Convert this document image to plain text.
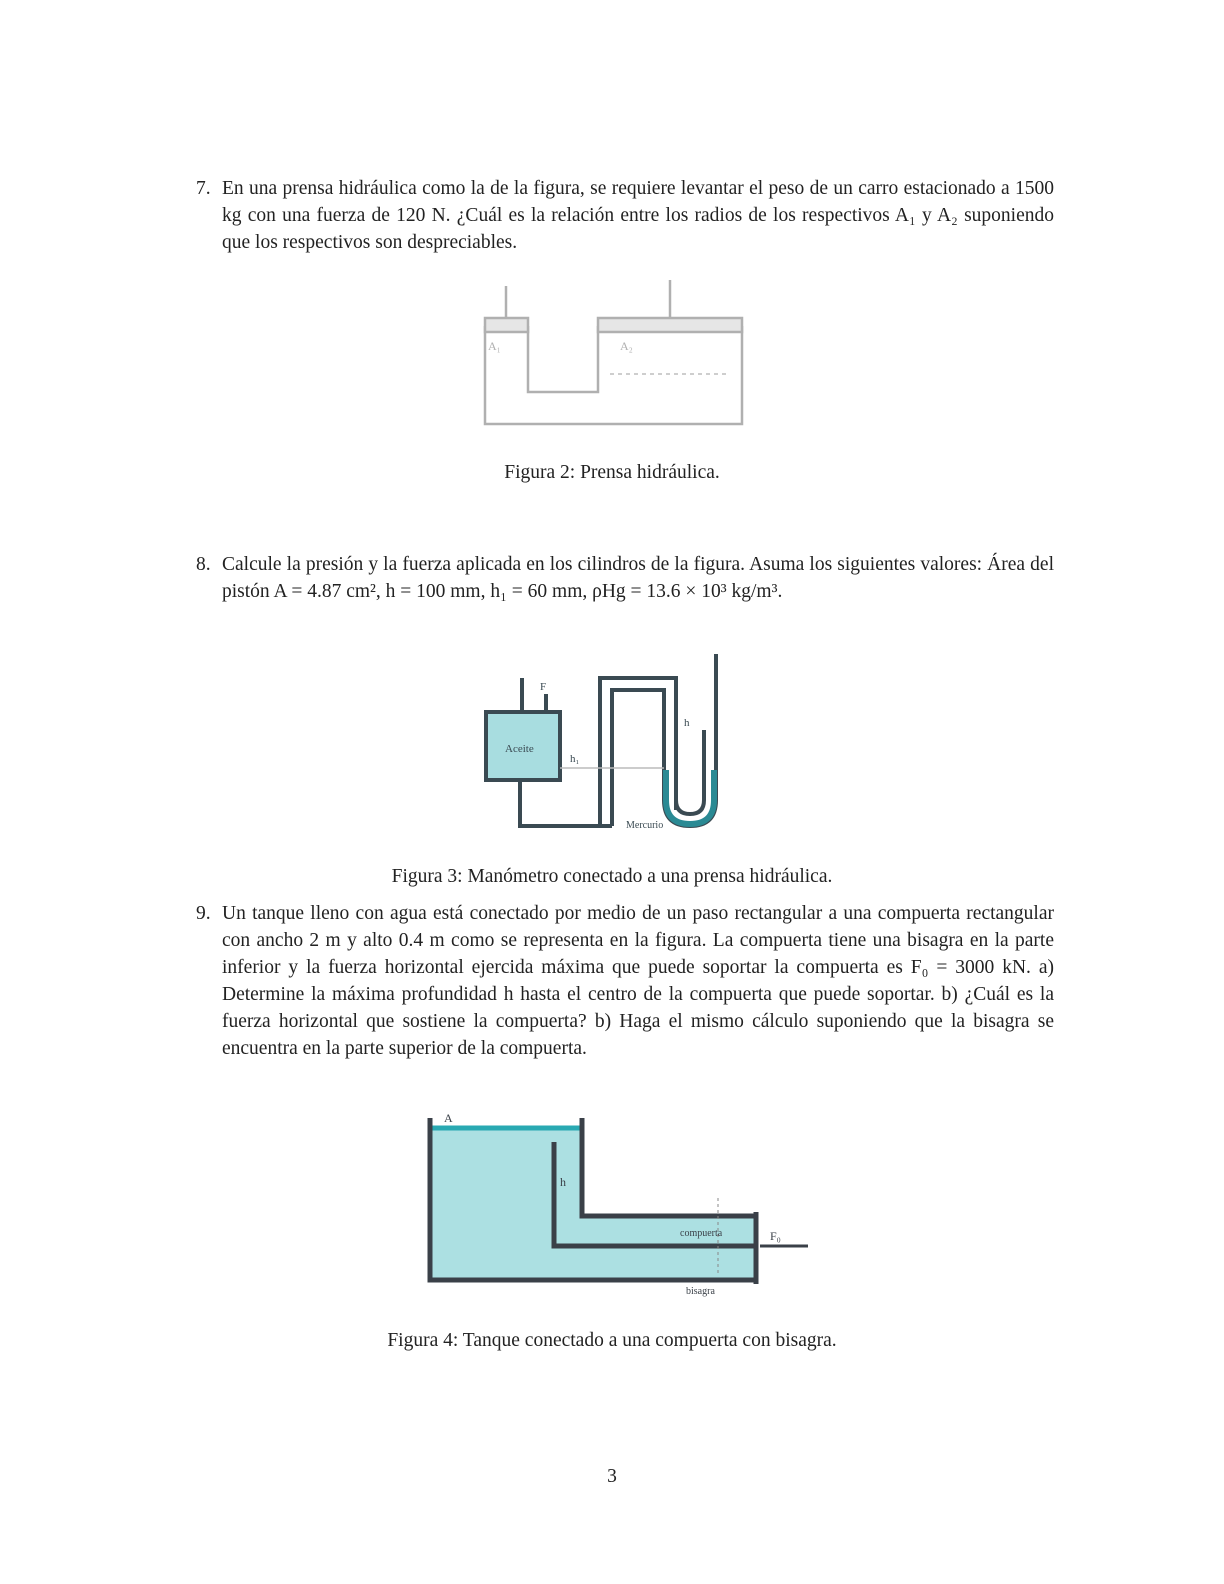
7. En una prensa hidráulica como la de la figura, se requiere levantar el peso de un carro estacionado a 1500 kg con una fuerza de 120 N. ¿Cuál es la relación entre los radios de los respectivos A₁ y A₂ suponiendo que los respectivos son despreciables.
A₁	A₂
Figura 2: Prensa hidráulica.
8. Calcule la presión y la fuerza aplicada en los cilindros de la figura. Asuma los siguientes valores: Área del pistón A = 4.87 cm², h = 100 mm, h₁ = 60 mm, ρHg = 13.6 × 10³ kg/m³.
Aceite
F
h
h₁
Mercurio
Figura 3: Manómetro conectado a una prensa hidráulica.
9. Un tanque lleno con agua está conectado por medio de un paso rectangular a una compuerta rectangular con ancho 2 m y alto 0.4 m como se representa en la figura. La compuerta tiene una bisagra en la parte inferior y la fuerza horizontal ejercida máxima que puede soportar la compuerta es F₀ = 3000 kN. a) Determine la máxima profundidad h hasta el centro de la compuerta que puede soportar. b) ¿Cuál es la fuerza horizontal que sostiene la compuerta? b) Haga el mismo cálculo suponiendo que la bisagra se encuentra en la parte superior de la compuerta.
A
h
F₀
bisagra
compuerta
Figura 4: Tanque conectado a una compuerta con bisagra.
3
